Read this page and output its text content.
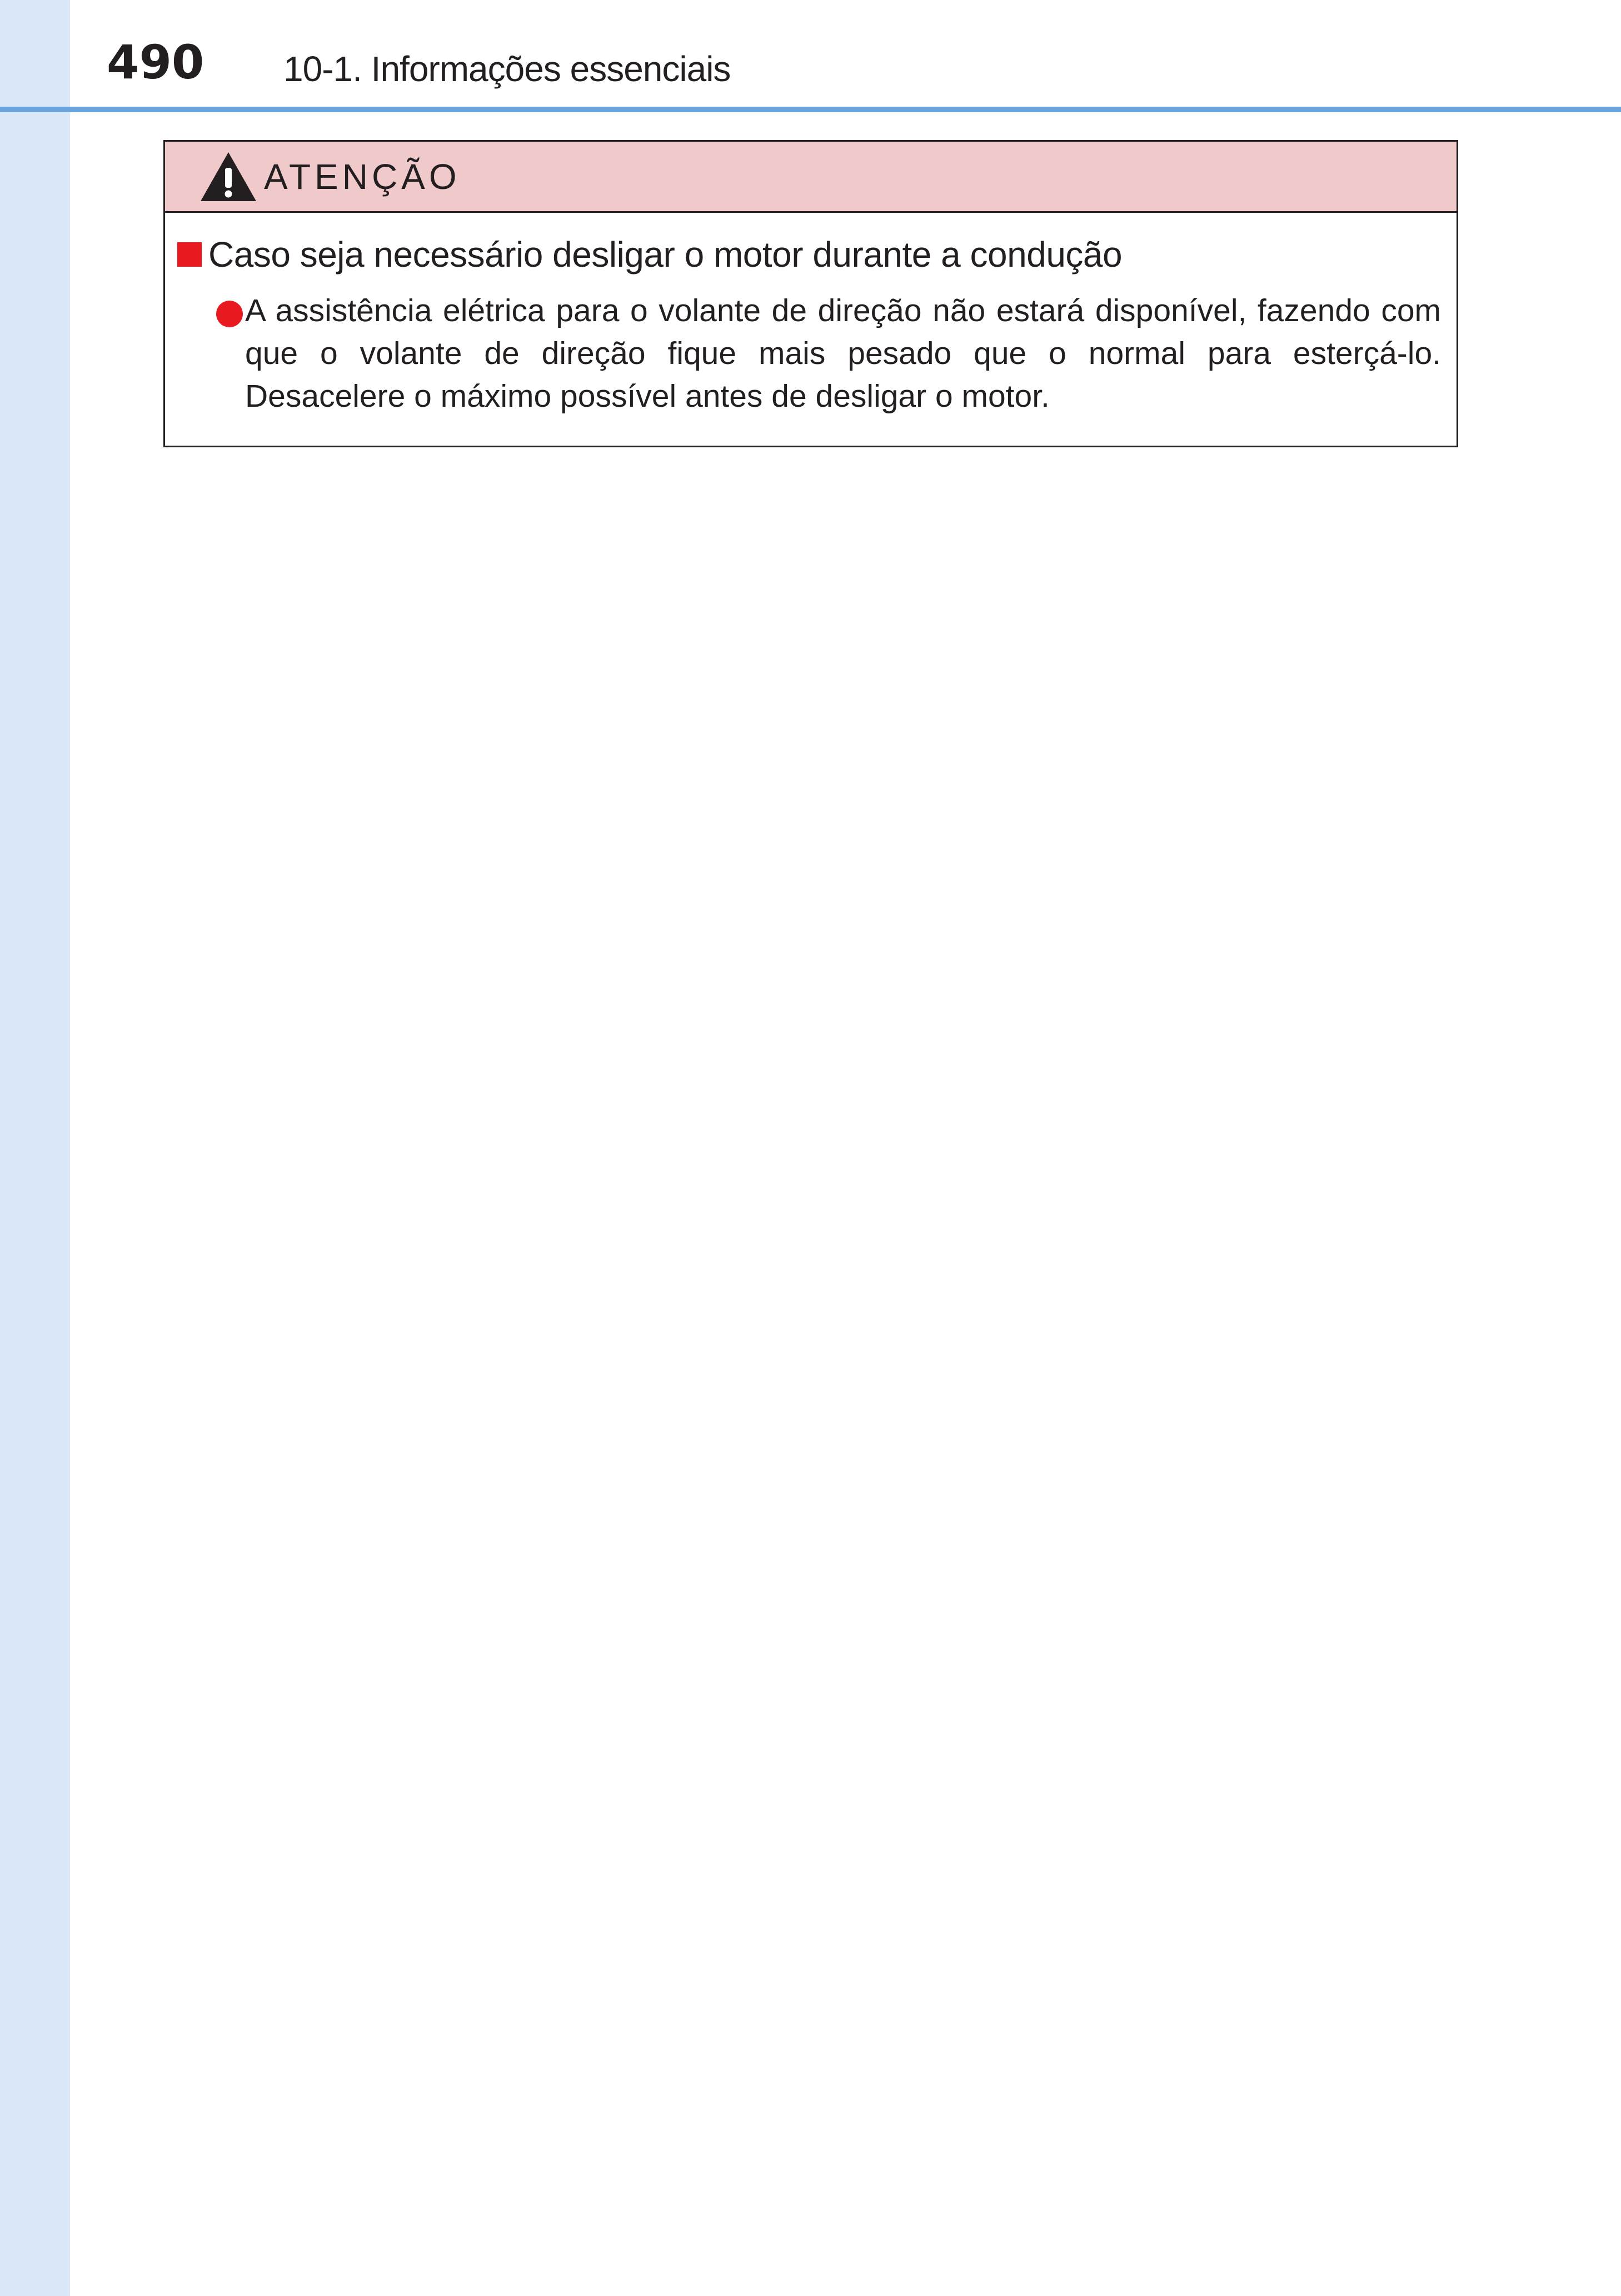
490 10-1. Informações essenciais
ATENÇÃO
Caso seja necessário desligar o motor durante a condução
A assistência elétrica para o volante de direção não estará disponível, fazendo com que o volante de direção fique mais pesado que o normal para esterçá-lo. Desacelere o máximo possível antes de desligar o motor.
